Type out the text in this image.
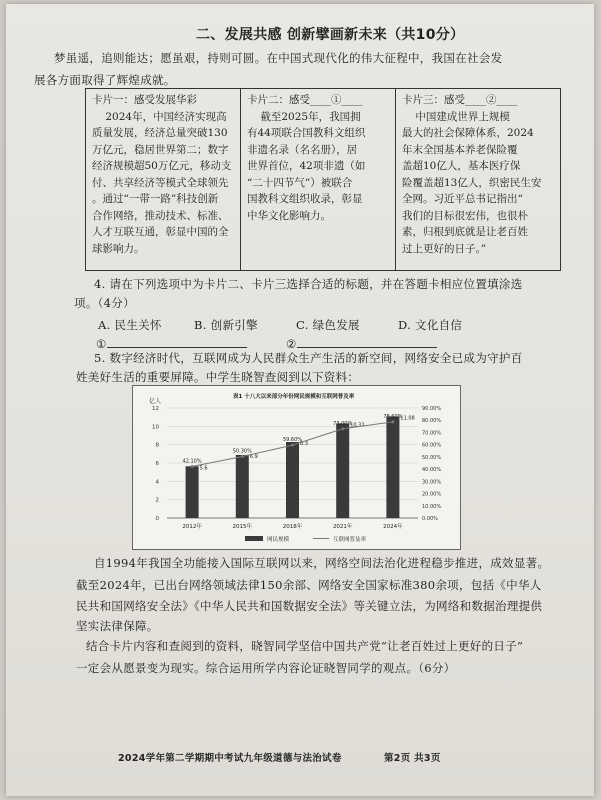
二、发展共感 创新擘画新未来（共10分）
梦虽遥，追则能达；愿虽艰，持则可圆。在中国式现代化的伟大征程中，我国在社会发
展各方面取得了辉煌成就。
卡片一：感受发展华彩
2024年，中国经济实现高
质量发展，经济总量突破130
万亿元，稳居世界第二；数字
经济规模超50万亿元，移动支
付、共享经济等模式全球领先
。通过“一带一路”科技创新
合作网络，推动技术、标准、
人才互联互通，彰显中国的全
球影响力。

卡片二：感受____①____
截至2025年，我国拥
有44项联合国教科文组织
非遗名录（名名册），居
世界首位，42项非遗（如
“二十四节气”）被联合
国教科文组织收录，彰显
中华文化影响力。

卡片三：感受____②____
中国建成世界上规模
最大的社会保障体系，2024
年末全国基本养老保险覆
盖超10亿人，基本医疗保
险覆盖超13亿人，织密民生安
全网。习近平总书记指出“
我们的目标很宏伟，也很朴
素，归根到底就是让老百姓
过上更好的日子。”
4. 请在下列选项中为卡片二、卡片三选择合适的标题，并在答题卡相应位置填涂选
项。（4分）
A. 民生关怀	B. 创新引擎	C. 绿色发展	D. 文化自信
①	②
5. 数字经济时代，互联网成为人民群众生产生活的新空间，网络安全已成为守护百
姓美好生活的重要屏障。中学生晓智查阅到以下资料：
表1 十八大以来部分年份网民规模和互联网普及率
亿人
0
2
4
6
8
10
12
0.00%
10.00%
20.00%
30.00%
40.00%
50.00%
60.00%
70.00%
80.00%
90.00%
5.6
2012年
6.9
2015年
8.3
2018年
10.32
2021年
11.08
2024年
42.10%
50.30%
59.60%
73.00%
78.60%
网民规模	互联网普及率
自1994年我国全功能接入国际互联网以来，网络空间法治化进程稳步推进，成效显著。
截至2024年，已出台网络领域法律150余部、网络安全国家标准380余项，包括《中华人
民共和国网络安全法》《中华人民共和国数据安全法》等关键立法，为网络和数据治理提供
坚实法律保障。
结合卡片内容和查阅到的资料，晓智同学坚信中国共产党“让老百姓过上更好的日子”
一定会从愿景变为现实。综合运用所学内容论证晓智同学的观点。（6分）
2024学年第二学期期中考试九年级道德与法治试卷	第2页 共3页
